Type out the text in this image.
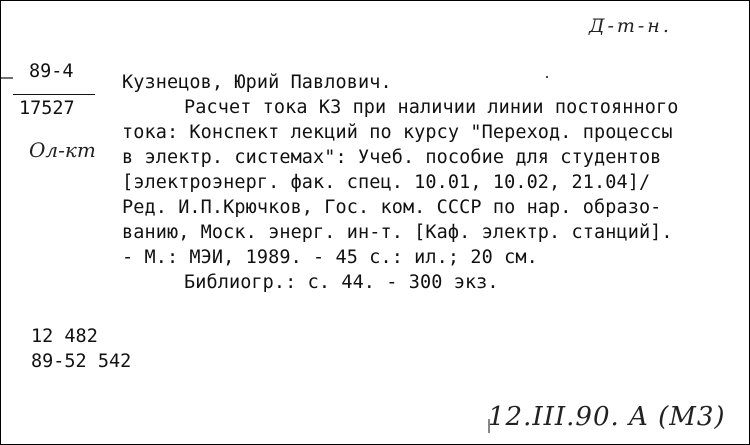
Д-т-н.
89-4
17527
Ол-кт
Кузнецов, Юрий Павлович.
Расчет тока КЗ при наличии линии постоянного
тока: Конспект лекций по курсу "Переход. процессы
в электр. системах": Учеб. пособие для студентов
[электроэнерг. фак. спец. 10.01, 10.02, 21.04]/
Ред. И.П.Крючков, Гос. ком. СССР по нар. образо-
ванию, Моск. энерг. ин-т. [Каф. электр. станций].
- М.: МЭИ, 1989. - 45 с.: ил.; 20 см.
Библиогр.: с. 44. - 300 экз.
12 482
89-52 542
12.III.90. A (M3)
